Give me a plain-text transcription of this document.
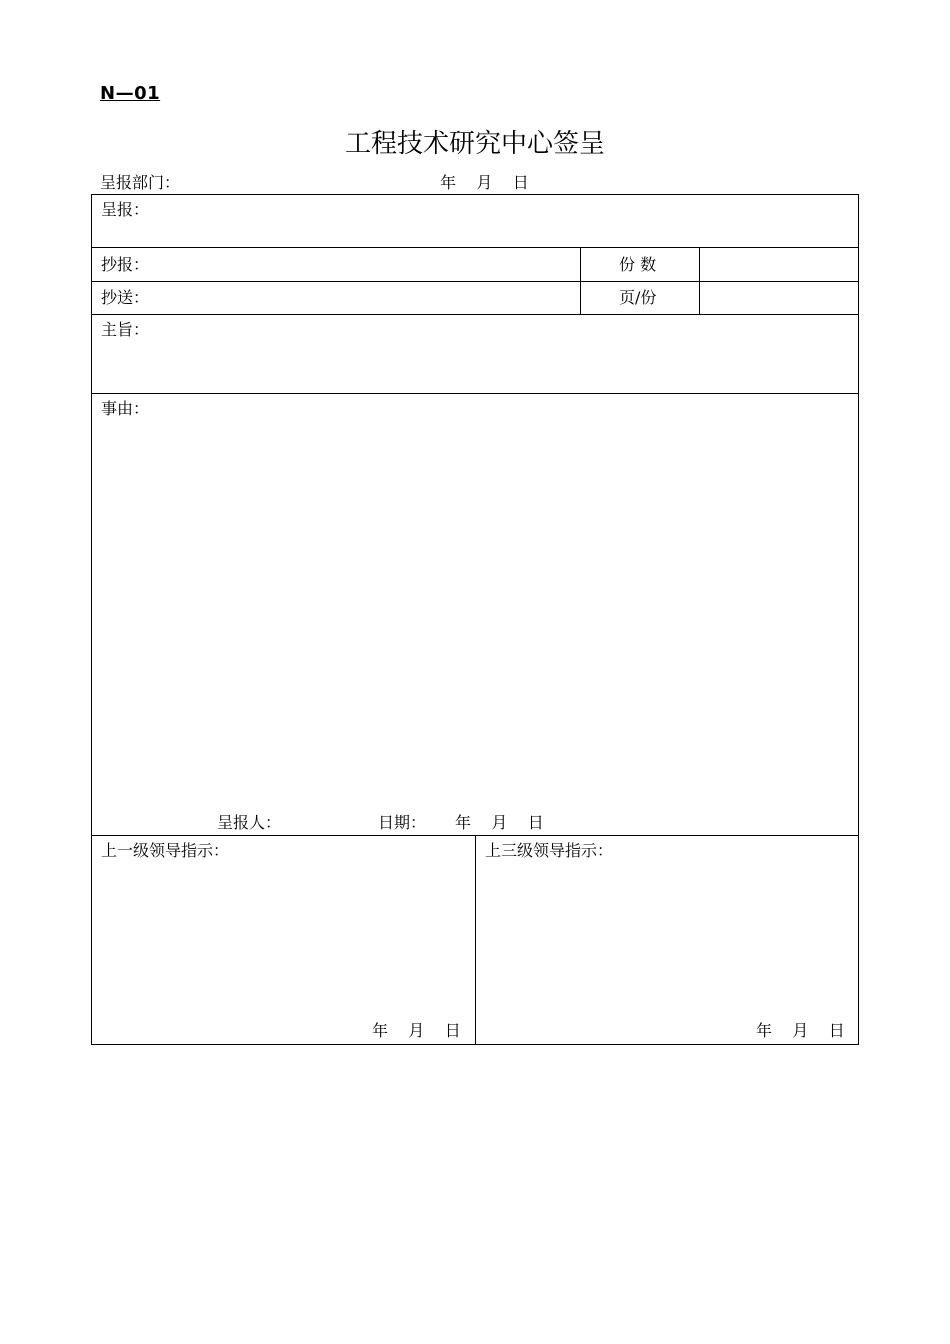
N—01
工程技术研究中心签呈
呈报部门：	年    月    日
呈报：
抄报：	份 数
抄送：	页/份
主旨：
事由：
呈报人：	日期： 年    月    日
上一级领导指示：
年    月    日
上三级领导指示：
年    月    日
